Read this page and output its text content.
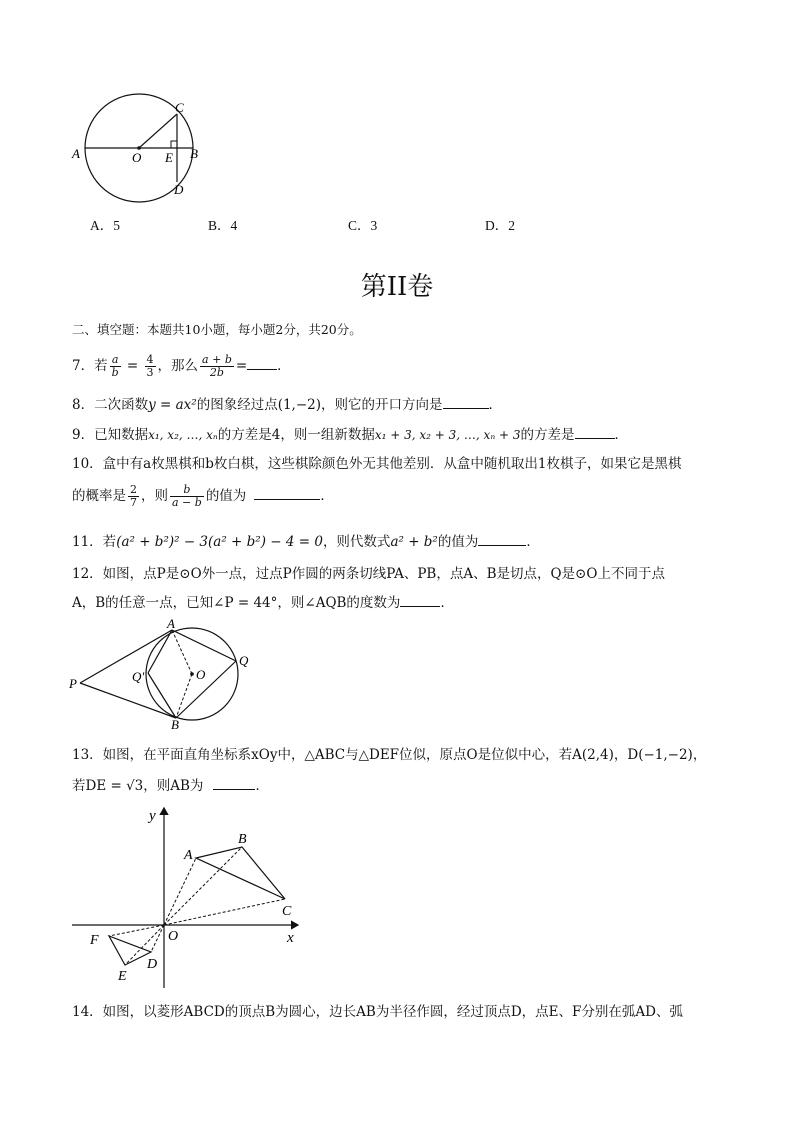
A	O E B
C
D
A．5	B．4	C．3	D．2
第II卷
二、填空题：本题共10小题，每小题2分，共20分。
7．若 $\frac{a}{b} = \frac{4}{3}$ ，那么 $\frac{a + b}{2b}$ = ．
8．二次函数y = ax²的图象经过点(1,−2)，则它的开口方向是	．
9．已知数据x₁, x₂, …, xₙ的方差是4，则一组新数据x₁ + 3, x₂ + 3, …, xₙ + 3的方差是	．
10．盒中有a枚黑棋和b枚白棋，这些棋除颜色外无其他差别．从盒中随机取出1枚棋子，如果它是黑棋
的概率是 $\frac{2}{7}$ ，则 $\frac{b}{a - b}$ 的值为	．
11．若(a² + b²)² − 3(a² + b²) − 4 = 0，则代数式a² + b²的值为	．
12．如图，点P是⊙O外一点，过点P作圆的两条切线PA、PB，点A、B是切点，Q是⊙O上不同于点
A，B的任意一点，已知∠P = 44°，则∠AQB的度数为	．
A
B
P
O
Q
Q'
13．如图，在平面直角坐标系xOy中，△ABC与△DEF位似，原点O是位似中心，若A(2,4)，D(−1,−2)，
若DE = √3，则AB为	．
y
x
O
A
B
C
D
E
F
14．如图，以菱形ABCD的顶点B为圆心，边长AB为半径作圆，经过顶点D，点E、F分别在弧AD、弧
